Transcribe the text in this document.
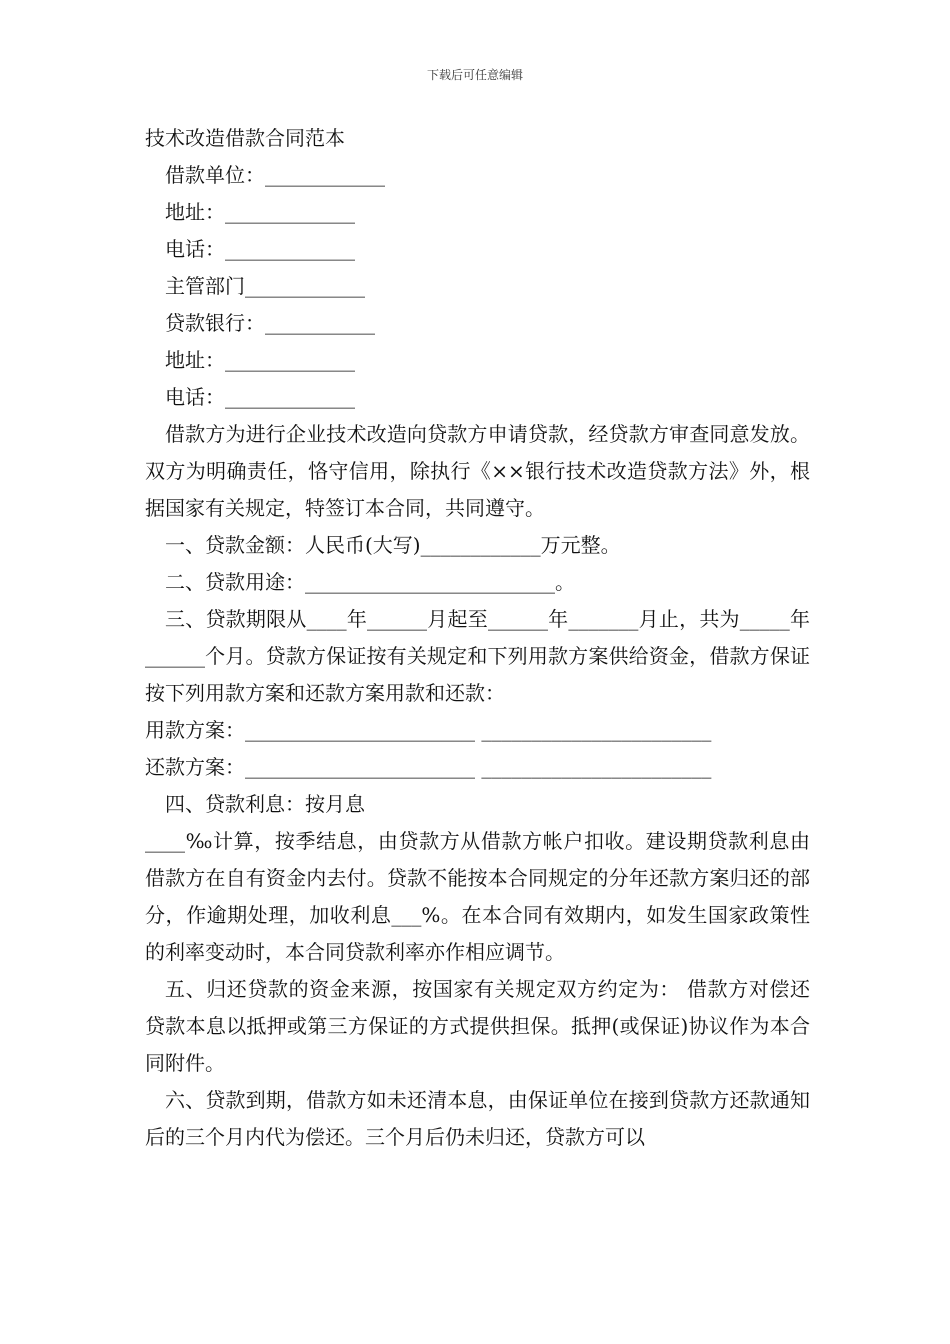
下载后可任意编辑
技术改造借款合同范本
借款单位：____________
地址：_____________
电话：_____________
主管部门____________
贷款银行：___________
地址：_____________
电话：_____________
借款方为进行企业技术改造向贷款方申请贷款，经贷款方审查同意发放。双方为明确责任，恪守信用，除执行《××银行技术改造贷款方法》外，根据国家有关规定，特签订本合同，共同遵守。
一、贷款金额：人民币(大写)____________万元整。
二、贷款用途：_________________________。
三、贷款期限从____年______月起至______年_______月止，共为_____年______个月。贷款方保证按有关规定和下列用款方案供给资金，借款方保证按下列用款方案和还款方案用款和还款：
用款方案：_______________________ _______________________
还款方案：_______________________ _______________________
四、贷款利息：按月息
____‰计算，按季结息，由贷款方从借款方帐户扣收。建设期贷款利息由借款方在自有资金内去付。贷款不能按本合同规定的分年还款方案归还的部分，作逾期处理，加收利息___%。在本合同有效期内，如发生国家政策性的利率变动时，本合同贷款利率亦作相应调节。
五、归还贷款的资金来源，按国家有关规定双方约定为： 借款方对偿还贷款本息以抵押或第三方保证的方式提供担保。抵押(或保证)协议作为本合同附件。
六、贷款到期，借款方如未还清本息，由保证单位在接到贷款方还款通知后的三个月内代为偿还。三个月后仍未归还，贷款方可以
